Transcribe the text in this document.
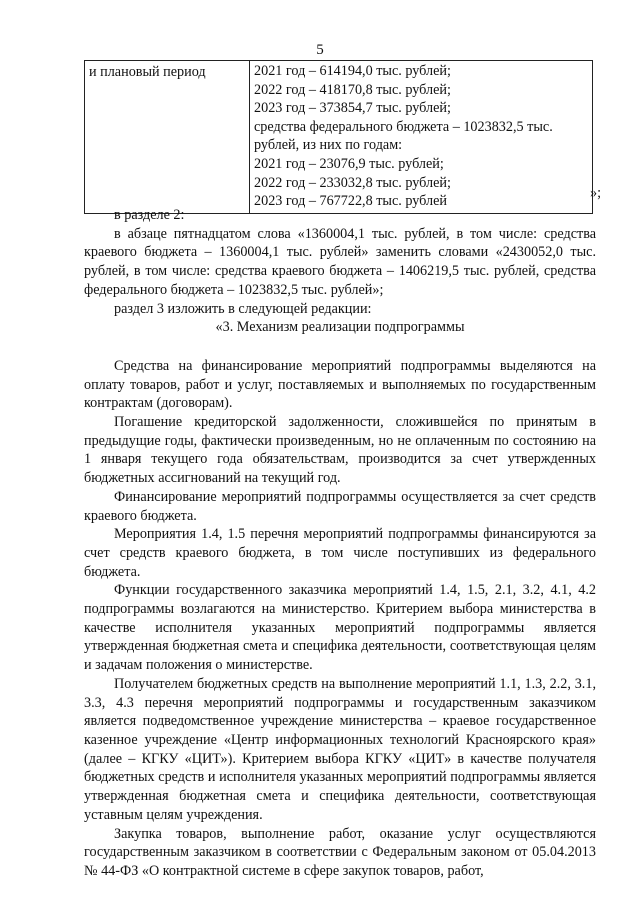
5
и плановый период	2021 год – 614194,0 тыс. рублей;
2022 год – 418170,8 тыс. рублей;
2023 год – 373854,7 тыс. рублей;
средства федерального бюджета – 1023832,5 тыс.
рублей, из них по годам:
2021 год – 23076,9 тыс. рублей;
2022 год – 233032,8 тыс. рублей;
2023 год – 767722,8 тыс. рублей
»;

в разделе 2:

в абзаце пятнадцатом слова «1360004,1 тыс. рублей, в том числе: средства краевого бюджета – 1360004,1 тыс. рублей» заменить словами «2430052,0 тыс. рублей, в том числе: средства краевого бюджета – 1406219,5 тыс. рублей, средства федерального бюджета – 1023832,5 тыс. рублей»;

раздел 3 изложить в следующей редакции:

«3. Механизм реализации подпрограммы

Средства на финансирование мероприятий подпрограммы выделяются на оплату товаров, работ и услуг, поставляемых и выполняемых по государственным контрактам (договорам).

Погашение кредиторской задолженности, сложившейся по принятым в предыдущие годы, фактически произведенным, но не оплаченным по состоянию на 1 января текущего года обязательствам, производится за счет утвержденных бюджетных ассигнований на текущий год.

Финансирование мероприятий подпрограммы осуществляется за счет средств краевого бюджета.

Мероприятия 1.4, 1.5 перечня мероприятий подпрограммы финансируются за счет средств краевого бюджета, в том числе поступивших из федерального бюджета.

Функции государственного заказчика мероприятий 1.4, 1.5, 2.1, 3.2, 4.1, 4.2 подпрограммы возлагаются на министерство. Критерием выбора министерства в качестве исполнителя указанных мероприятий подпрограммы является утвержденная бюджетная смета и специфика деятельности, соответствующая целям и задачам положения о министерстве.

Получателем бюджетных средств на выполнение мероприятий 1.1, 1.3, 2.2, 3.1, 3.3, 4.3 перечня мероприятий подпрограммы и государственным заказчиком является подведомственное учреждение министерства – краевое государственное казенное учреждение «Центр информационных технологий Красноярского края» (далее – КГКУ «ЦИТ»). Критерием выбора КГКУ «ЦИТ» в качестве получателя бюджетных средств и исполнителя указанных мероприятий подпрограммы является утвержденная бюджетная смета и специфика деятельности, соответствующая уставным целям учреждения.

Закупка товаров, выполнение работ, оказание услуг осуществляются государственным заказчиком в соответствии с Федеральным законом от 05.04.2013 № 44-ФЗ «О контрактной системе в сфере закупок товаров, работ,
